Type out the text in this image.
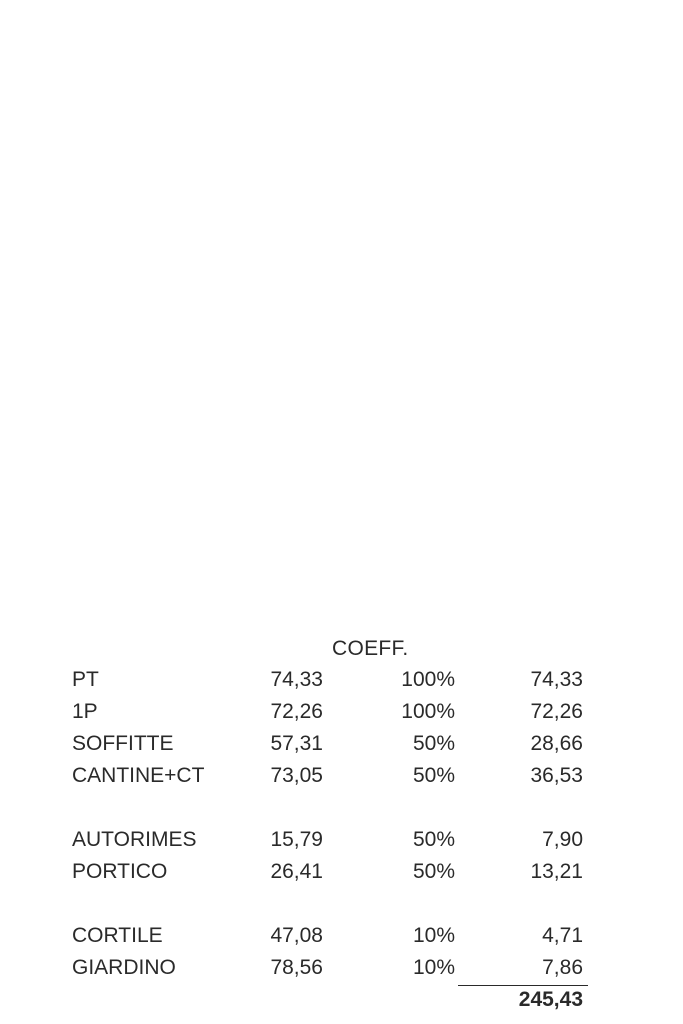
COEFF.
PT	74,33	100%	74,33
1P	72,26	100%	72,26
SOFFITTE	57,31	50%	28,66
CANTINE+CT	73,05	50%	36,53
AUTORIMES	15,79	50%	7,90
PORTICO	26,41	50%	13,21
CORTILE	47,08	10%	4,71
GIARDINO	78,56	10%	7,86
245,43
